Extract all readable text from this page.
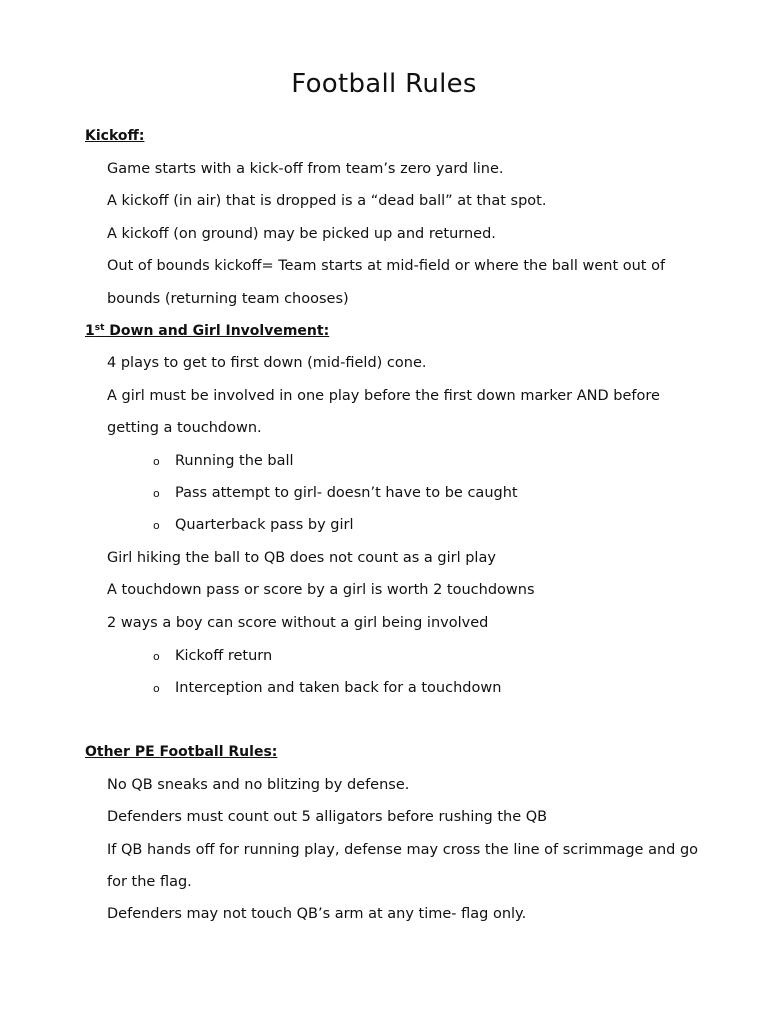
Football Rules
Kickoff:
Game starts with a kick-off from team’s zero yard line.
A kickoff (in air) that is dropped is a “dead ball” at that spot.
A kickoff (on ground) may be picked up and returned.
Out of bounds kickoff= Team starts at mid-field or where the ball went out of
bounds (returning team chooses)
1st Down and Girl Involvement:
4 plays to get to first down (mid-field) cone.
A girl must be involved in one play before the first down marker AND before
getting a touchdown.
o Running the ball
o Pass attempt to girl- doesn’t have to be caught
o Quarterback pass by girl
Girl hiking the ball to QB does not count as a girl play
A touchdown pass or score by a girl is worth 2 touchdowns
2 ways a boy can score without a girl being involved
o Kickoff return
o Interception and taken back for a touchdown
Other PE Football Rules:
No QB sneaks and no blitzing by defense.
Defenders must count out 5 alligators before rushing the QB
If QB hands off for running play, defense may cross the line of scrimmage and go
for the flag.
Defenders may not touch QB’s arm at any time- flag only.
